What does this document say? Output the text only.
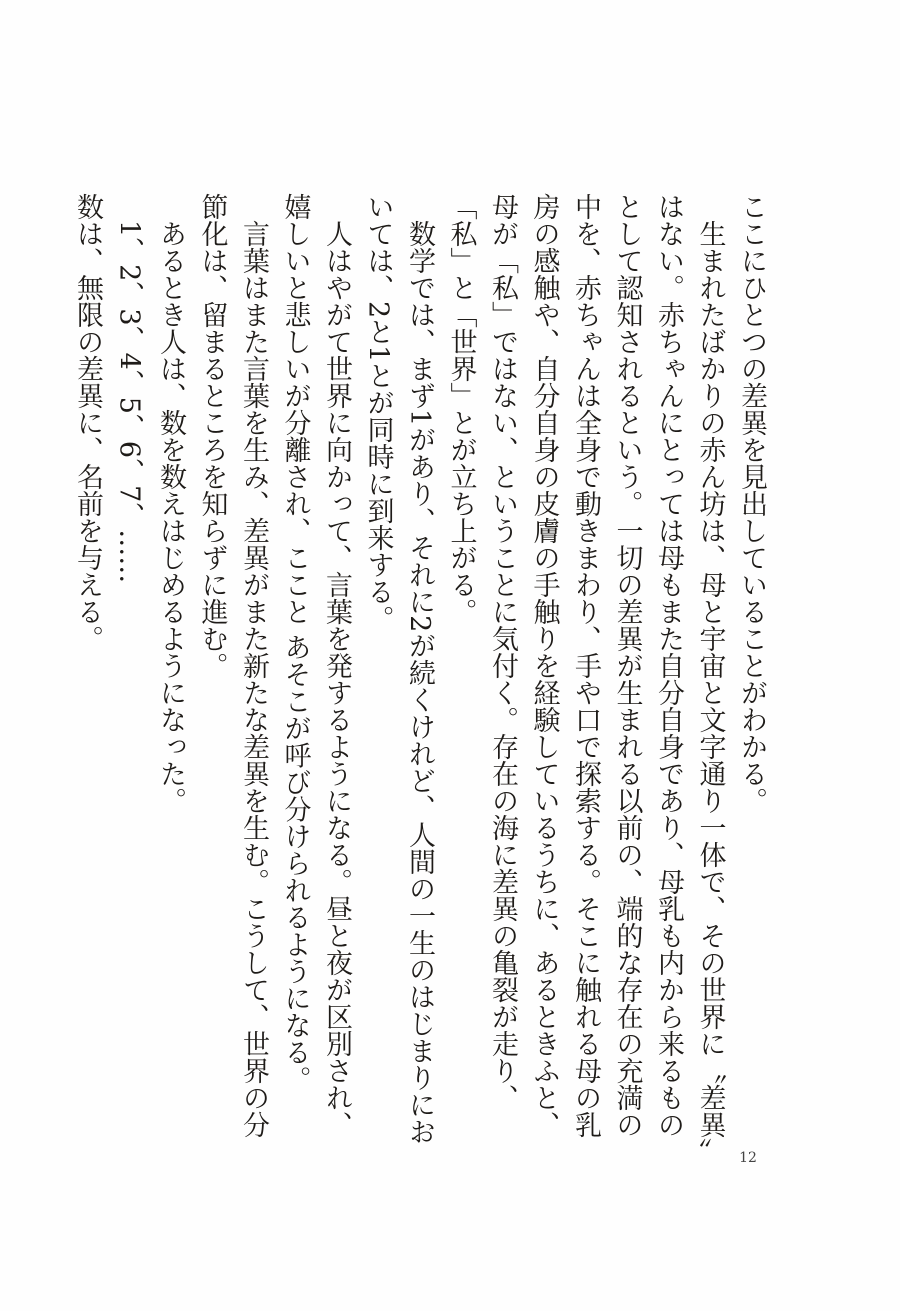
ここにひとつの差異を見出していることがわかる。

生まれたばかりの赤ん坊は、母と宇宙と文字通り一体で、その世界に〝差異〟はない。赤ちゃんにとっては母もまた自分自身であり、母乳も内から来るものとして認知されるという。一切の差異が生まれる以前の、端的な存在の充満の中を、赤ちゃんは全身で動きまわり、手や口で探索する。そこに触れる母の乳房の感触や、自分自身の皮膚の手触りを経験しているうちに、あるときふと、母が「私」ではない、ということに気付く。存在の海に差異の亀裂が走り、「私」と「世界」とが立ち上がる。

数学では、まず1があり、それに2が続くけれど、人間の一生のはじまりにおいては、2と1とが同時に到来する。

人はやがて世界に向かって、言葉を発するようになる。昼と夜が区別され、嬉しいと悲しいが分離され、ここと あそこが呼び分けられるようになる。

言葉はまた言葉を生み、差異がまた新たな差異を生む。こうして、世界の分節化は、留まるところを知らずに進む。

あるとき人は、数を数えはじめるようになった。

1、2、3、4、5、6、7、……

数は、無限の差異に、名前を与える。

12
